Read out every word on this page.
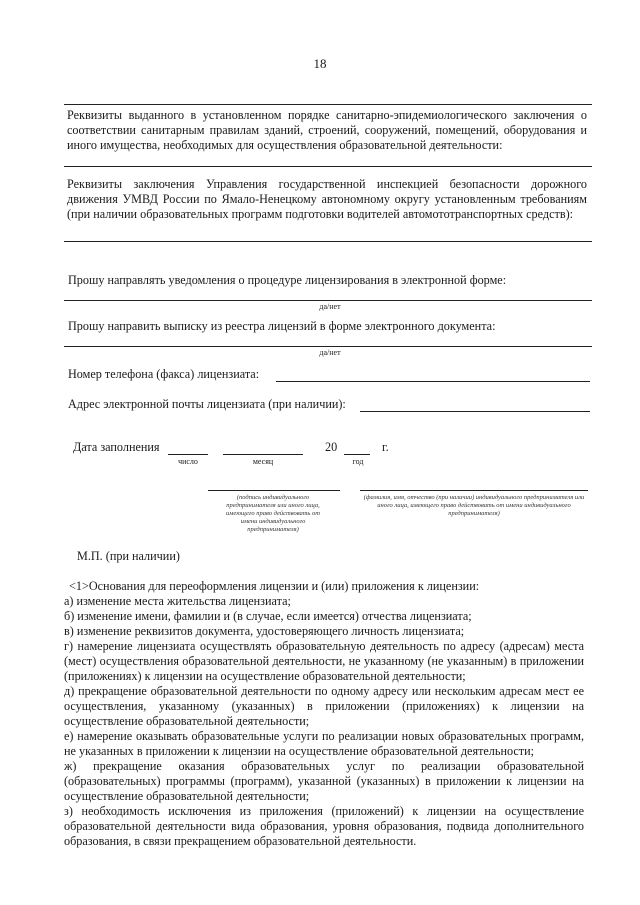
18
Реквизиты выданного в установленном порядке санитарно-эпидемиологического заключения о соответствии санитарным правилам зданий, строений, сооружений, помещений, оборудования и иного имущества, необходимых для осуществления образовательной деятельности:
Реквизиты заключения Управления государственной инспекцией безопасности дорожного движения УМВД России по Ямало-Ненецкому автономному округу установленным требованиям (при наличии образовательных программ подготовки водителей автомототранспортных средств):
Прошу направлять уведомления о процедуре лицензирования в электронной форме:
да/нет
Прошу направить выписку из реестра лицензий в форме электронного документа:
да/нет
Номер телефона (факса) лицензиата:
Адрес электронной почты лицензиата (при наличии):
Дата заполнения	20	г.
число	месяц	год
(подпись индивидуального предпринимателя или иного лица, имеющего право действовать от имени индивидуального предпринимателя)
(фамилия, имя, отчество (при наличии) индивидуального предпринимателя или иного лица, имеющего право действовать от имени индивидуального предпринимателя)
М.П. (при наличии)

<1>Основания для переоформления лицензии и (или) приложения к лицензии:

а) изменение места жительства лицензиата;

б) изменение имени, фамилии и (в случае, если имеется) отчества лицензиата;

в) изменение реквизитов документа, удостоверяющего личность лицензиата;

г) намерение лицензиата осуществлять образовательную деятельность по адресу (адресам) места (мест) осуществления образовательной деятельности, не указанному (не указанным) в приложении (приложениях) к лицензии на осуществление образовательной деятельности;

д) прекращение образовательной деятельности по одному адресу или нескольким адресам мест ее осуществления, указанному (указанных) в приложении (приложениях) к лицензии на осуществление образовательной деятельности;

е) намерение оказывать образовательные услуги по реализации новых образовательных программ, не указанных в приложении к лицензии на осуществление образовательной деятельности;

ж) прекращение оказания образовательных услуг по реализации образовательной (образовательных) программы (программ), указанной (указанных) в приложении к лицензии на осуществление образовательной деятельности;

з) необходимость исключения из приложения (приложений) к лицензии на осуществление образовательной деятельности вида образования, уровня образования, подвида дополнительного образования, в связи прекращением образовательной деятельности.
